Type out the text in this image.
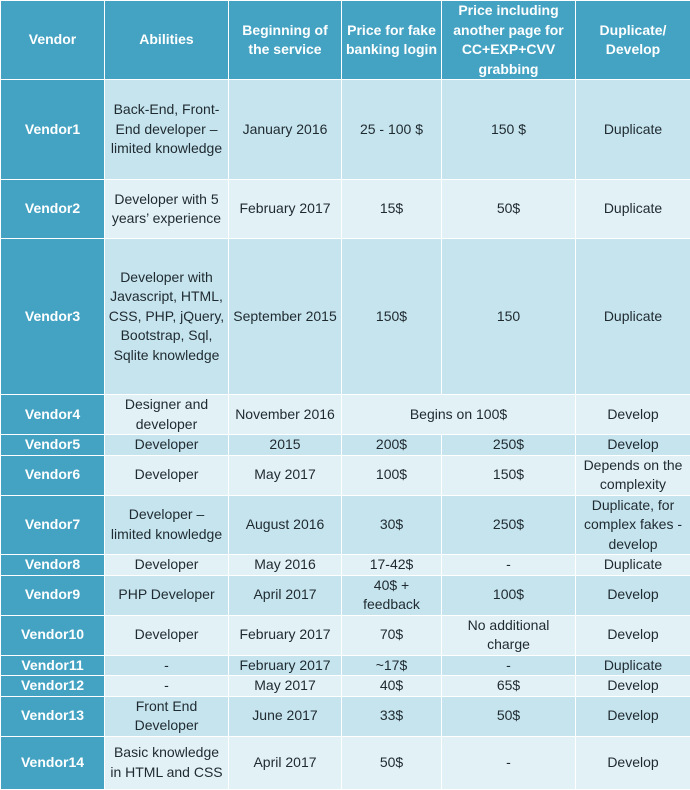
Vendor	Abilities	Beginning of the service	Price for fake banking login	Price including another page for CC+EXP+CVV grabbing	Duplicate/ Develop
Vendor1	Back-End, Front-End developer – limited knowledge	January 2016	25 - 100 $	150 $	Duplicate
Vendor2	Developer with 5 years’ experience	February 2017	15$	50$	Duplicate
Vendor3	Developer with Javascript, HTML, CSS, PHP, jQuery, Bootstrap, Sql, Sqlite knowledge	September 2015	150$	150	Duplicate
Vendor4	Designer and developer	November 2016	Begins on 100$		Develop
Vendor5	Developer	2015	200$	250$	Develop
Vendor6	Developer	May 2017	100$	150$	Depends on the complexity
Vendor7	Developer – limited knowledge	August 2016	30$	250$	Duplicate, for complex fakes - develop
Vendor8	Developer	May 2016	17-42$	-	Duplicate
Vendor9	PHP Developer	April 2017	40$ + feedback	100$	Develop
Vendor10	Developer	February 2017	70$	No additional charge	Develop
Vendor11	-	February 2017	~17$	-	Duplicate
Vendor12	-	May 2017	40$	65$	Develop
Vendor13	Front End Developer	June 2017	33$	50$	Develop
Vendor14	Basic knowledge in HTML and CSS	April 2017	50$	-	Develop
